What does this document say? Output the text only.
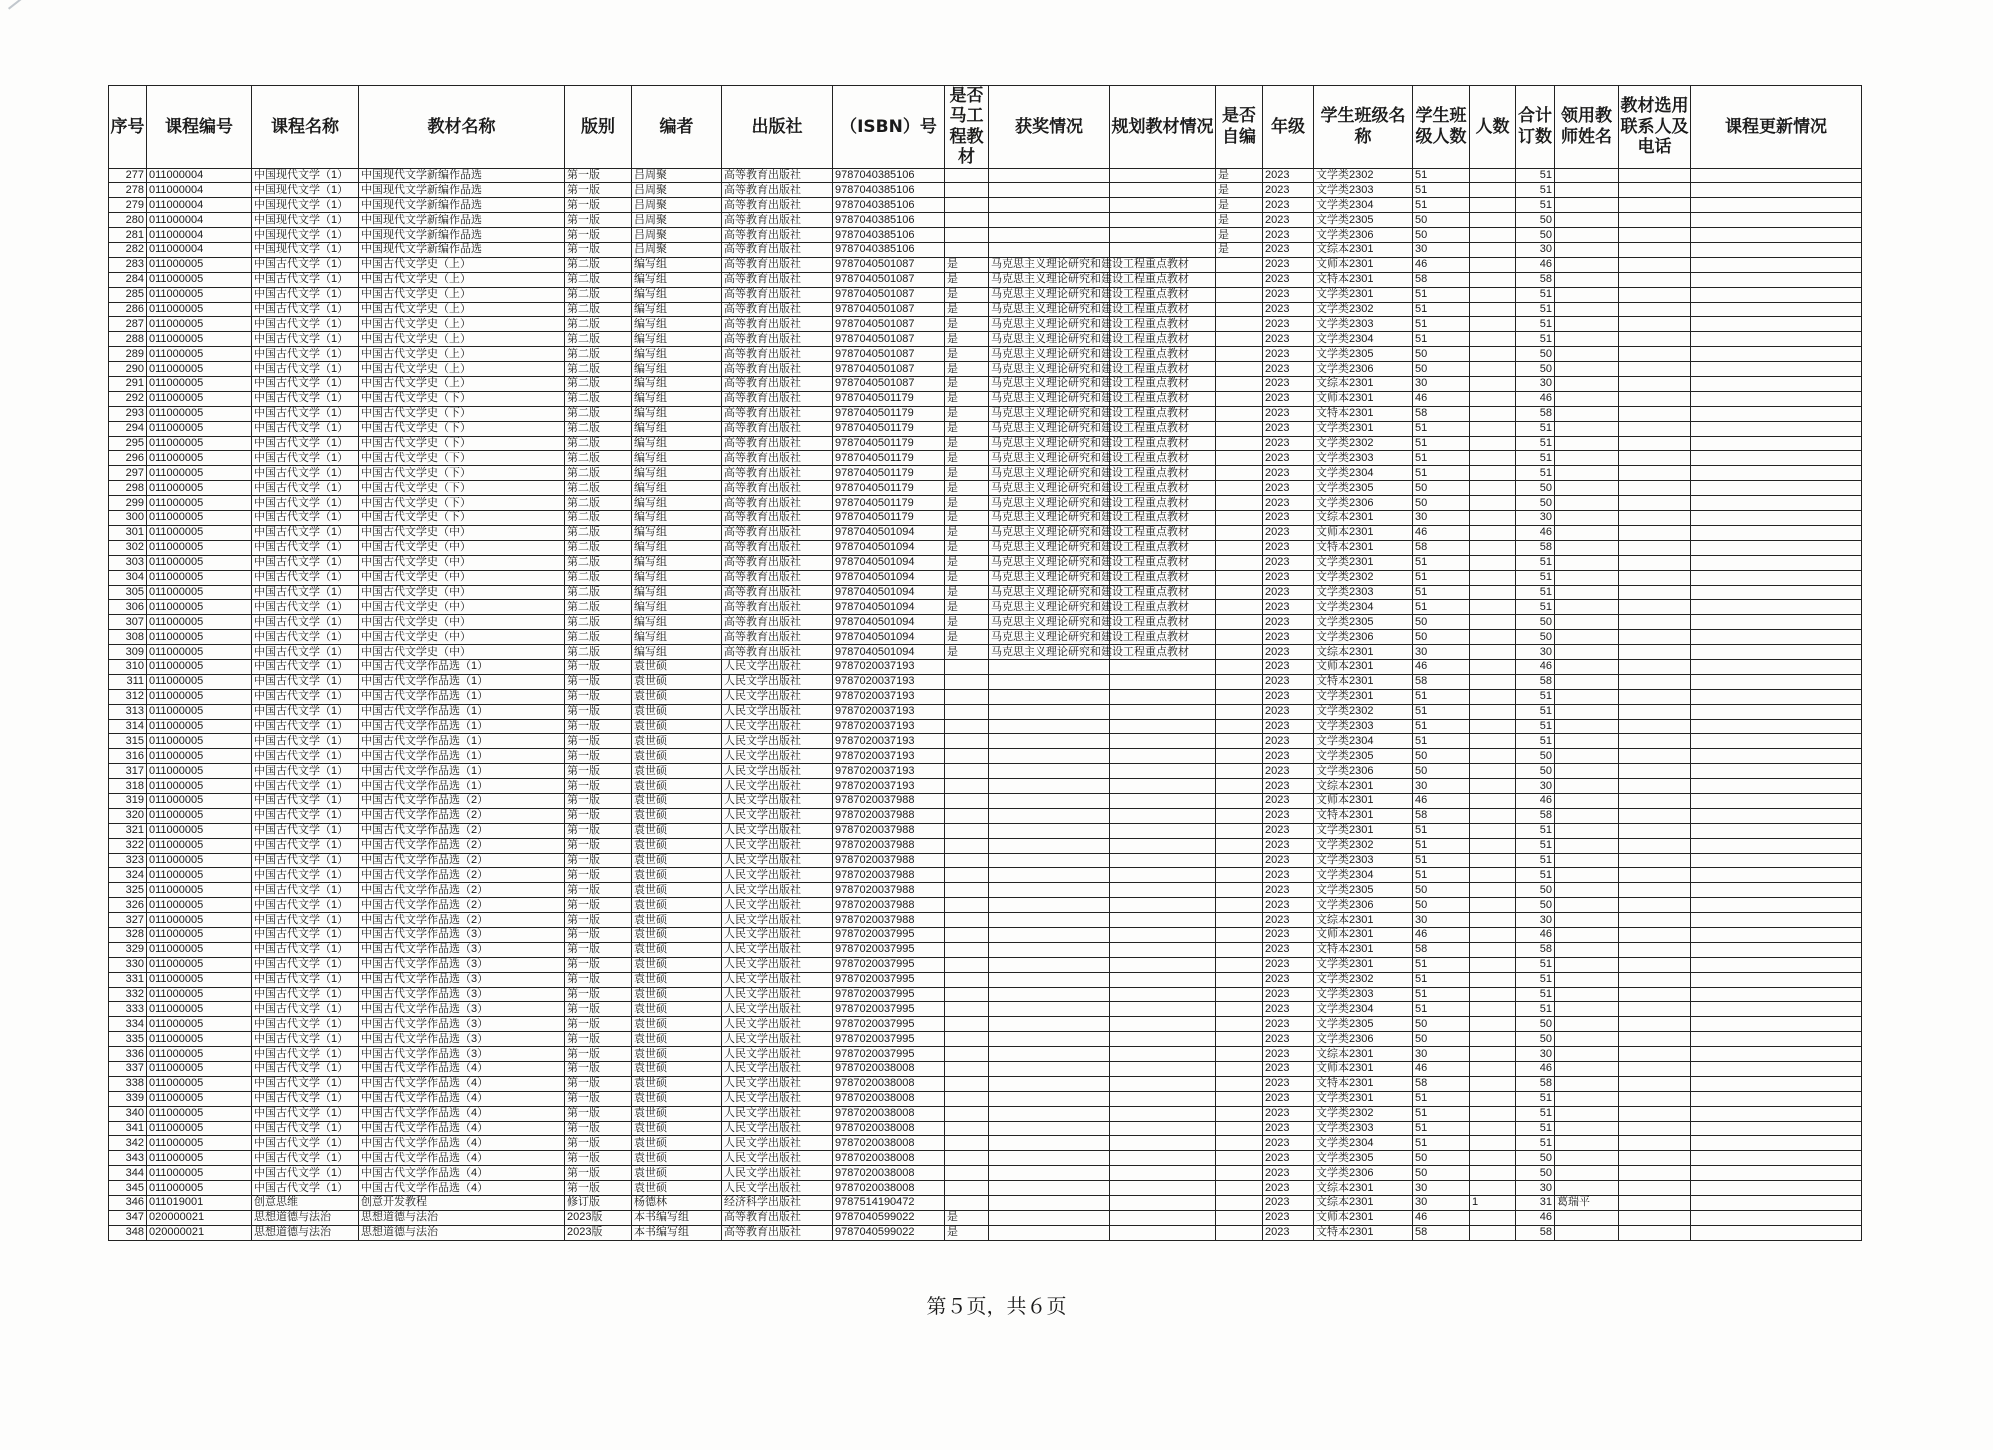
序号	课程编号	课程名称	教材名称	版别	编者	出版社	（ISBN）号	是否马工程教材	获奖情况	规划教材情况	是否自编	年级	学生班级名称	学生班级人数	人数	合计订数	领用教师姓名	教材选用联系人及电话	课程更新情况
277	011000004	中国现代文学（1）	中国现代文学新编作品选	第一版	吕周聚	高等教育出版社	9787040385106				是	2023	文学类2302	51		51			
278	011000004	中国现代文学（1）	中国现代文学新编作品选	第一版	吕周聚	高等教育出版社	9787040385106				是	2023	文学类2303	51		51			
279	011000004	中国现代文学（1）	中国现代文学新编作品选	第一版	吕周聚	高等教育出版社	9787040385106				是	2023	文学类2304	51		51			
280	011000004	中国现代文学（1）	中国现代文学新编作品选	第一版	吕周聚	高等教育出版社	9787040385106				是	2023	文学类2305	50		50			
281	011000004	中国现代文学（1）	中国现代文学新编作品选	第一版	吕周聚	高等教育出版社	9787040385106				是	2023	文学类2306	50		50			
282	011000004	中国现代文学（1）	中国现代文学新编作品选	第一版	吕周聚	高等教育出版社	9787040385106				是	2023	文综本2301	30		30			
283	011000005	中国古代文学（1）	中国古代文学史（上）	第二版	编写组	高等教育出版社	9787040501087	是	马克思主义理论研究和建设工程重点教材			2023	文师本2301	46		46			
284	011000005	中国古代文学（1）	中国古代文学史（上）	第二版	编写组	高等教育出版社	9787040501087	是	马克思主义理论研究和建设工程重点教材			2023	文特本2301	58		58			
285	011000005	中国古代文学（1）	中国古代文学史（上）	第二版	编写组	高等教育出版社	9787040501087	是	马克思主义理论研究和建设工程重点教材			2023	文学类2301	51		51			
286	011000005	中国古代文学（1）	中国古代文学史（上）	第二版	编写组	高等教育出版社	9787040501087	是	马克思主义理论研究和建设工程重点教材			2023	文学类2302	51		51			
287	011000005	中国古代文学（1）	中国古代文学史（上）	第二版	编写组	高等教育出版社	9787040501087	是	马克思主义理论研究和建设工程重点教材			2023	文学类2303	51		51			
288	011000005	中国古代文学（1）	中国古代文学史（上）	第二版	编写组	高等教育出版社	9787040501087	是	马克思主义理论研究和建设工程重点教材			2023	文学类2304	51		51			
289	011000005	中国古代文学（1）	中国古代文学史（上）	第二版	编写组	高等教育出版社	9787040501087	是	马克思主义理论研究和建设工程重点教材			2023	文学类2305	50		50			
290	011000005	中国古代文学（1）	中国古代文学史（上）	第二版	编写组	高等教育出版社	9787040501087	是	马克思主义理论研究和建设工程重点教材			2023	文学类2306	50		50			
291	011000005	中国古代文学（1）	中国古代文学史（上）	第二版	编写组	高等教育出版社	9787040501087	是	马克思主义理论研究和建设工程重点教材			2023	文综本2301	30		30			
292	011000005	中国古代文学（1）	中国古代文学史（下）	第二版	编写组	高等教育出版社	9787040501179	是	马克思主义理论研究和建设工程重点教材			2023	文师本2301	46		46			
293	011000005	中国古代文学（1）	中国古代文学史（下）	第二版	编写组	高等教育出版社	9787040501179	是	马克思主义理论研究和建设工程重点教材			2023	文特本2301	58		58			
294	011000005	中国古代文学（1）	中国古代文学史（下）	第二版	编写组	高等教育出版社	9787040501179	是	马克思主义理论研究和建设工程重点教材			2023	文学类2301	51		51			
295	011000005	中国古代文学（1）	中国古代文学史（下）	第二版	编写组	高等教育出版社	9787040501179	是	马克思主义理论研究和建设工程重点教材			2023	文学类2302	51		51			
296	011000005	中国古代文学（1）	中国古代文学史（下）	第二版	编写组	高等教育出版社	9787040501179	是	马克思主义理论研究和建设工程重点教材			2023	文学类2303	51		51			
297	011000005	中国古代文学（1）	中国古代文学史（下）	第二版	编写组	高等教育出版社	9787040501179	是	马克思主义理论研究和建设工程重点教材			2023	文学类2304	51		51			
298	011000005	中国古代文学（1）	中国古代文学史（下）	第二版	编写组	高等教育出版社	9787040501179	是	马克思主义理论研究和建设工程重点教材			2023	文学类2305	50		50			
299	011000005	中国古代文学（1）	中国古代文学史（下）	第二版	编写组	高等教育出版社	9787040501179	是	马克思主义理论研究和建设工程重点教材			2023	文学类2306	50		50			
300	011000005	中国古代文学（1）	中国古代文学史（下）	第二版	编写组	高等教育出版社	9787040501179	是	马克思主义理论研究和建设工程重点教材			2023	文综本2301	30		30			
301	011000005	中国古代文学（1）	中国古代文学史（中）	第二版	编写组	高等教育出版社	9787040501094	是	马克思主义理论研究和建设工程重点教材			2023	文师本2301	46		46			
302	011000005	中国古代文学（1）	中国古代文学史（中）	第二版	编写组	高等教育出版社	9787040501094	是	马克思主义理论研究和建设工程重点教材			2023	文特本2301	58		58			
303	011000005	中国古代文学（1）	中国古代文学史（中）	第二版	编写组	高等教育出版社	9787040501094	是	马克思主义理论研究和建设工程重点教材			2023	文学类2301	51		51			
304	011000005	中国古代文学（1）	中国古代文学史（中）	第二版	编写组	高等教育出版社	9787040501094	是	马克思主义理论研究和建设工程重点教材			2023	文学类2302	51		51			
305	011000005	中国古代文学（1）	中国古代文学史（中）	第二版	编写组	高等教育出版社	9787040501094	是	马克思主义理论研究和建设工程重点教材			2023	文学类2303	51		51			
306	011000005	中国古代文学（1）	中国古代文学史（中）	第二版	编写组	高等教育出版社	9787040501094	是	马克思主义理论研究和建设工程重点教材			2023	文学类2304	51		51			
307	011000005	中国古代文学（1）	中国古代文学史（中）	第二版	编写组	高等教育出版社	9787040501094	是	马克思主义理论研究和建设工程重点教材			2023	文学类2305	50		50			
308	011000005	中国古代文学（1）	中国古代文学史（中）	第二版	编写组	高等教育出版社	9787040501094	是	马克思主义理论研究和建设工程重点教材			2023	文学类2306	50		50			
309	011000005	中国古代文学（1）	中国古代文学史（中）	第二版	编写组	高等教育出版社	9787040501094	是	马克思主义理论研究和建设工程重点教材			2023	文综本2301	30		30			
310	011000005	中国古代文学（1）	中国古代文学作品选（1）	第一版	袁世硕	人民文学出版社	9787020037193					2023	文师本2301	46		46			
311	011000005	中国古代文学（1）	中国古代文学作品选（1）	第一版	袁世硕	人民文学出版社	9787020037193					2023	文特本2301	58		58			
312	011000005	中国古代文学（1）	中国古代文学作品选（1）	第一版	袁世硕	人民文学出版社	9787020037193					2023	文学类2301	51		51			
313	011000005	中国古代文学（1）	中国古代文学作品选（1）	第一版	袁世硕	人民文学出版社	9787020037193					2023	文学类2302	51		51			
314	011000005	中国古代文学（1）	中国古代文学作品选（1）	第一版	袁世硕	人民文学出版社	9787020037193					2023	文学类2303	51		51			
315	011000005	中国古代文学（1）	中国古代文学作品选（1）	第一版	袁世硕	人民文学出版社	9787020037193					2023	文学类2304	51		51			
316	011000005	中国古代文学（1）	中国古代文学作品选（1）	第一版	袁世硕	人民文学出版社	9787020037193					2023	文学类2305	50		50			
317	011000005	中国古代文学（1）	中国古代文学作品选（1）	第一版	袁世硕	人民文学出版社	9787020037193					2023	文学类2306	50		50			
318	011000005	中国古代文学（1）	中国古代文学作品选（1）	第一版	袁世硕	人民文学出版社	9787020037193					2023	文综本2301	30		30			
319	011000005	中国古代文学（1）	中国古代文学作品选（2）	第一版	袁世硕	人民文学出版社	9787020037988					2023	文师本2301	46		46			
320	011000005	中国古代文学（1）	中国古代文学作品选（2）	第一版	袁世硕	人民文学出版社	9787020037988					2023	文特本2301	58		58			
321	011000005	中国古代文学（1）	中国古代文学作品选（2）	第一版	袁世硕	人民文学出版社	9787020037988					2023	文学类2301	51		51			
322	011000005	中国古代文学（1）	中国古代文学作品选（2）	第一版	袁世硕	人民文学出版社	9787020037988					2023	文学类2302	51		51			
323	011000005	中国古代文学（1）	中国古代文学作品选（2）	第一版	袁世硕	人民文学出版社	9787020037988					2023	文学类2303	51		51			
324	011000005	中国古代文学（1）	中国古代文学作品选（2）	第一版	袁世硕	人民文学出版社	9787020037988					2023	文学类2304	51		51			
325	011000005	中国古代文学（1）	中国古代文学作品选（2）	第一版	袁世硕	人民文学出版社	9787020037988					2023	文学类2305	50		50			
326	011000005	中国古代文学（1）	中国古代文学作品选（2）	第一版	袁世硕	人民文学出版社	9787020037988					2023	文学类2306	50		50			
327	011000005	中国古代文学（1）	中国古代文学作品选（2）	第一版	袁世硕	人民文学出版社	9787020037988					2023	文综本2301	30		30			
328	011000005	中国古代文学（1）	中国古代文学作品选（3）	第一版	袁世硕	人民文学出版社	9787020037995					2023	文师本2301	46		46			
329	011000005	中国古代文学（1）	中国古代文学作品选（3）	第一版	袁世硕	人民文学出版社	9787020037995					2023	文特本2301	58		58			
330	011000005	中国古代文学（1）	中国古代文学作品选（3）	第一版	袁世硕	人民文学出版社	9787020037995					2023	文学类2301	51		51			
331	011000005	中国古代文学（1）	中国古代文学作品选（3）	第一版	袁世硕	人民文学出版社	9787020037995					2023	文学类2302	51		51			
332	011000005	中国古代文学（1）	中国古代文学作品选（3）	第一版	袁世硕	人民文学出版社	9787020037995					2023	文学类2303	51		51			
333	011000005	中国古代文学（1）	中国古代文学作品选（3）	第一版	袁世硕	人民文学出版社	9787020037995					2023	文学类2304	51		51			
334	011000005	中国古代文学（1）	中国古代文学作品选（3）	第一版	袁世硕	人民文学出版社	9787020037995					2023	文学类2305	50		50			
335	011000005	中国古代文学（1）	中国古代文学作品选（3）	第一版	袁世硕	人民文学出版社	9787020037995					2023	文学类2306	50		50			
336	011000005	中国古代文学（1）	中国古代文学作品选（3）	第一版	袁世硕	人民文学出版社	9787020037995					2023	文综本2301	30		30			
337	011000005	中国古代文学（1）	中国古代文学作品选（4）	第一版	袁世硕	人民文学出版社	9787020038008					2023	文师本2301	46		46			
338	011000005	中国古代文学（1）	中国古代文学作品选（4）	第一版	袁世硕	人民文学出版社	9787020038008					2023	文特本2301	58		58			
339	011000005	中国古代文学（1）	中国古代文学作品选（4）	第一版	袁世硕	人民文学出版社	9787020038008					2023	文学类2301	51		51			
340	011000005	中国古代文学（1）	中国古代文学作品选（4）	第一版	袁世硕	人民文学出版社	9787020038008					2023	文学类2302	51		51			
341	011000005	中国古代文学（1）	中国古代文学作品选（4）	第一版	袁世硕	人民文学出版社	9787020038008					2023	文学类2303	51		51			
342	011000005	中国古代文学（1）	中国古代文学作品选（4）	第一版	袁世硕	人民文学出版社	9787020038008					2023	文学类2304	51		51			
343	011000005	中国古代文学（1）	中国古代文学作品选（4）	第一版	袁世硕	人民文学出版社	9787020038008					2023	文学类2305	50		50			
344	011000005	中国古代文学（1）	中国古代文学作品选（4）	第一版	袁世硕	人民文学出版社	9787020038008					2023	文学类2306	50		50			
345	011000005	中国古代文学（1）	中国古代文学作品选（4）	第一版	袁世硕	人民文学出版社	9787020038008					2023	文综本2301	30		30			
346	011019001	创意思维	创意开发教程	修订版	杨德林	经济科学出版社	9787514190472					2023	文综本2301	30	1	31	葛瑞平		
347	020000021	思想道德与法治	思想道德与法治	2023版	本书编写组	高等教育出版社	9787040599022	是				2023	文师本2301	46		46			
348	020000021	思想道德与法治	思想道德与法治	2023版	本书编写组	高等教育出版社	9787040599022	是				2023	文特本2301	58		58			
第５页，共６页
